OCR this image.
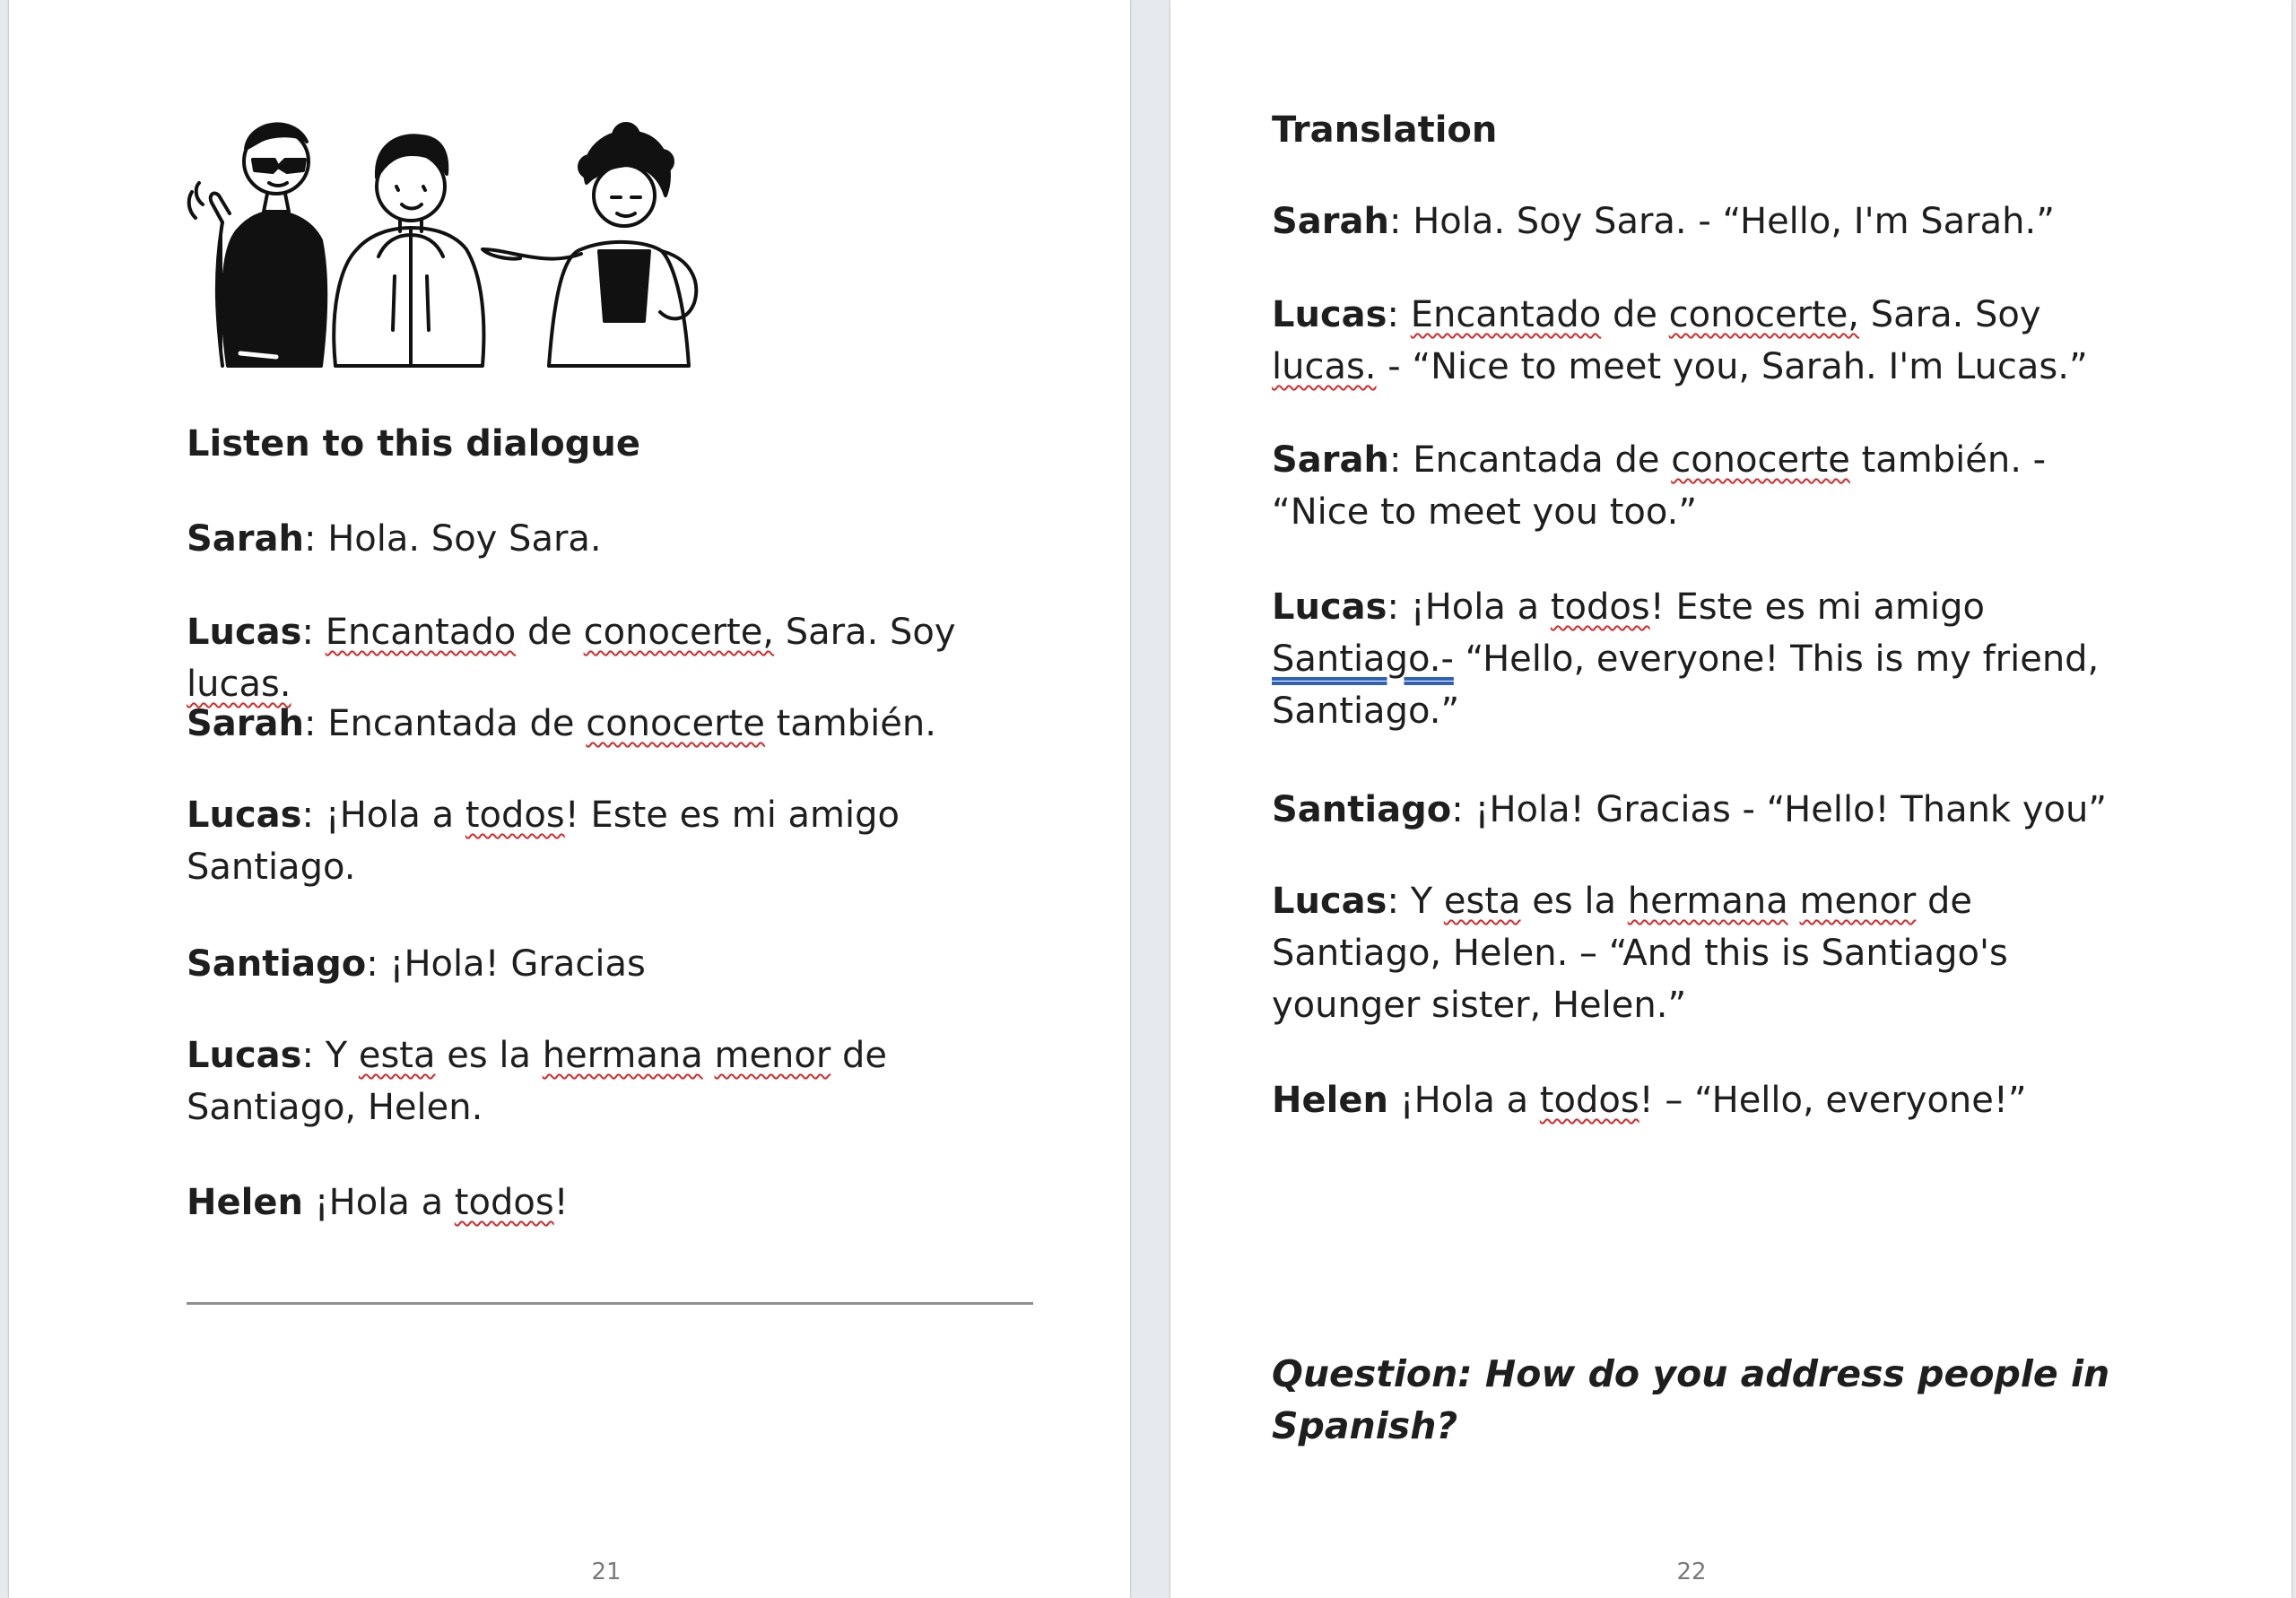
Listen to this dialogue

Sarah: Hola. Soy Sara.

Lucas: Encantado de conocerte, Sara. Soy lucas.

Sarah: Encantada de conocerte también.

Lucas: ¡Hola a todos! Este es mi amigo Santiago.

Santiago: ¡Hola! Gracias

Lucas: Y esta es la hermana menor de Santiago, Helen.

Helen ¡Hola a todos!

21

Translation

Sarah: Hola. Soy Sara. - “Hello, I'm Sarah.”

Lucas: Encantado de conocerte, Sara. Soy lucas. - “Nice to meet you, Sarah. I'm Lucas.”

Sarah: Encantada de conocerte también. - “Nice to meet you too.”

Lucas: ¡Hola a todos! Este es mi amigo Santiago.- “Hello, everyone! This is my friend, Santiago.”

Santiago: ¡Hola! Gracias - “Hello! Thank you”

Lucas: Y esta es la hermana menor de Santiago, Helen. – “And this is Santiago's younger sister, Helen.”

Helen ¡Hola a todos! – “Hello, everyone!”

Question: How do you address people in Spanish?

22
